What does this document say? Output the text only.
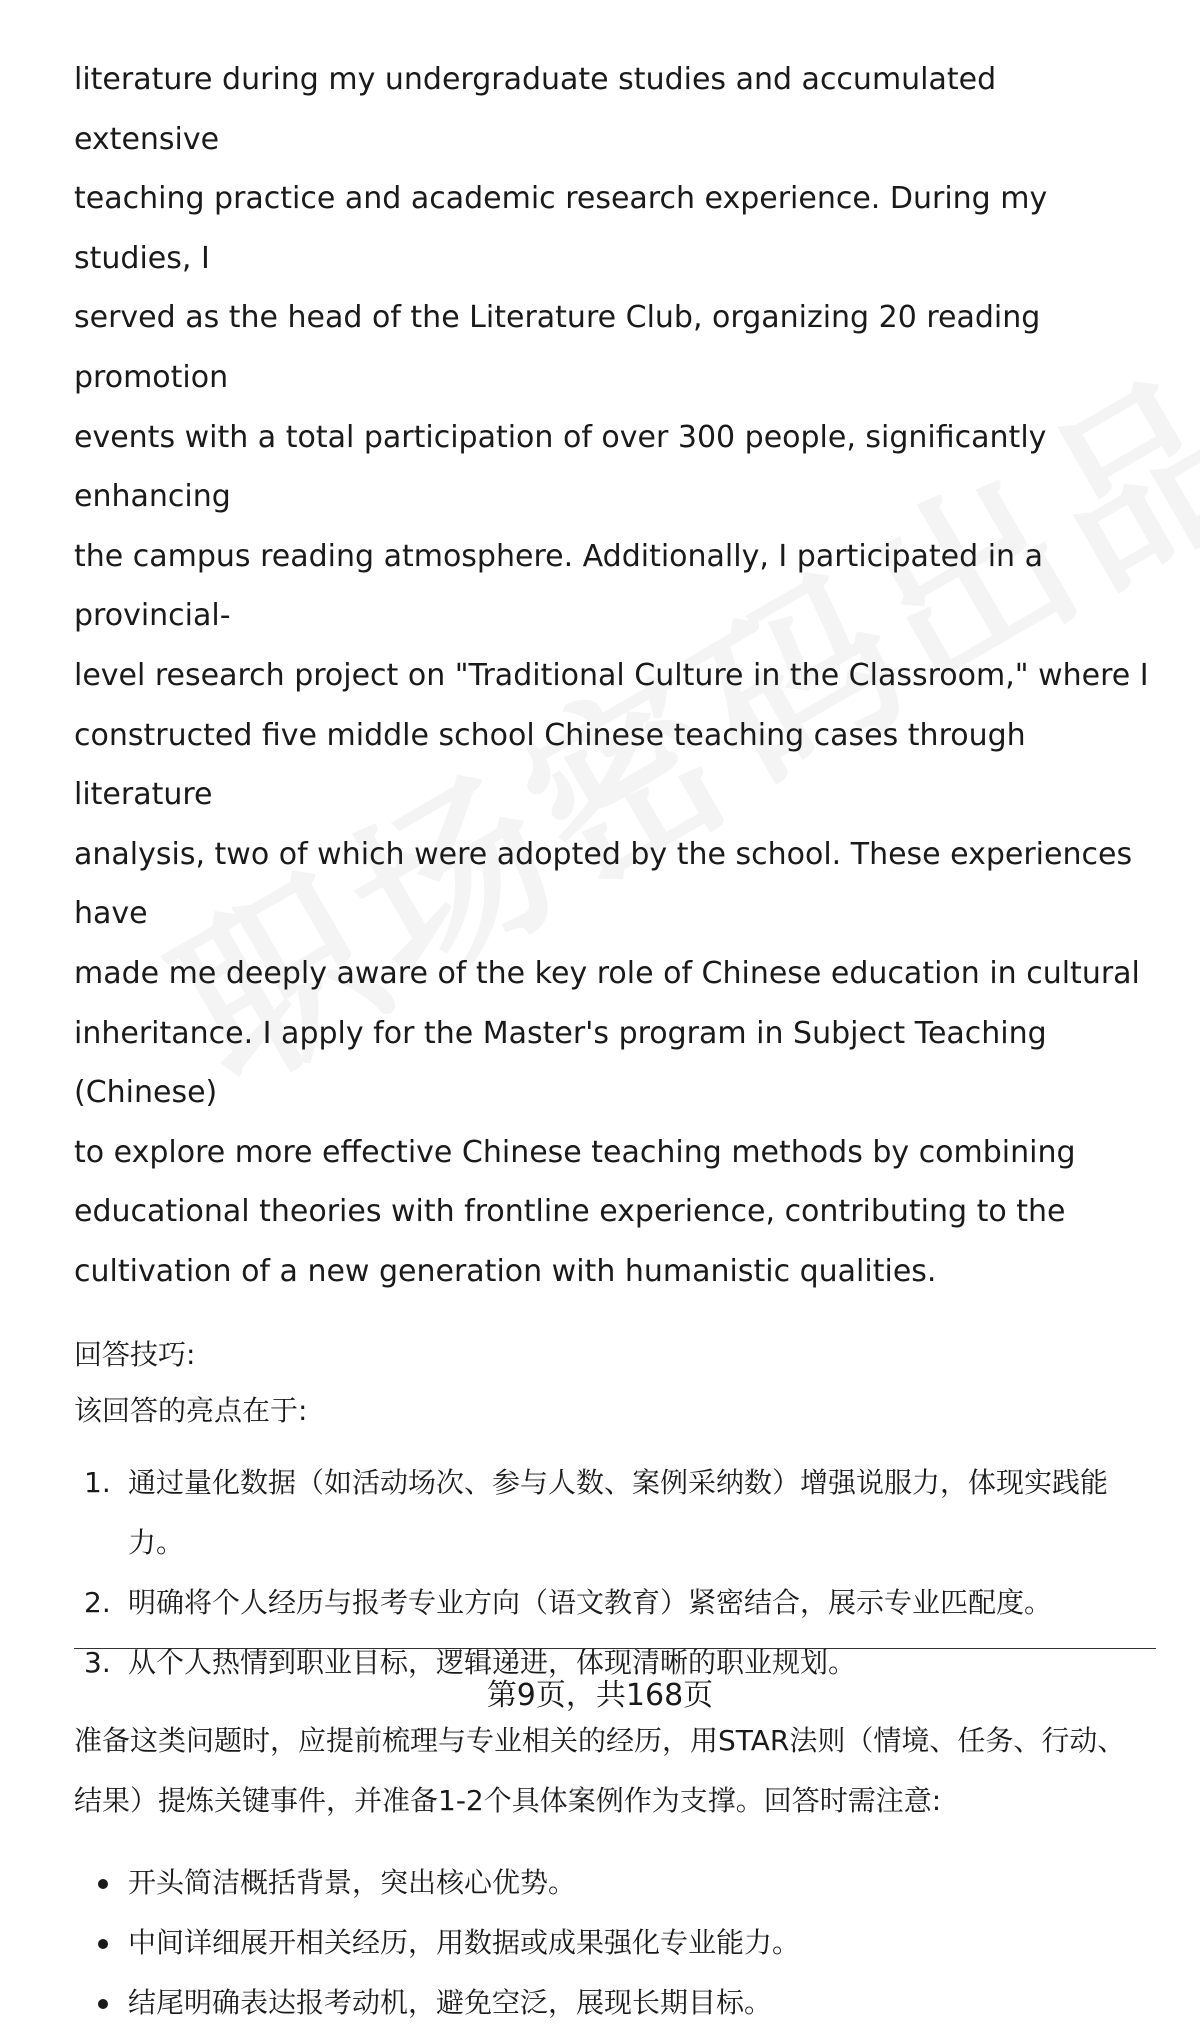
literature during my undergraduate studies and accumulated extensive
teaching practice and academic research experience. During my studies, I
served as the head of the Literature Club, organizing 20 reading promotion
events with a total participation of over 300 people, significantly enhancing
the campus reading atmosphere. Additionally, I participated in a provincial-
level research project on "Traditional Culture in the Classroom," where I
constructed five middle school Chinese teaching cases through literature
analysis, two of which were adopted by the school. These experiences have
made me deeply aware of the key role of Chinese education in cultural
inheritance. I apply for the Master's program in Subject Teaching (Chinese)
to explore more effective Chinese teaching methods by combining
educational theories with frontline experience, contributing to the
cultivation of a new generation with humanistic qualities.
回答技巧:
该回答的亮点在于:
1. 通过量化数据（如活动场次、参与人数、案例采纳数）增强说服力，体现实践能力。
2. 明确将个人经历与报考专业方向（语文教育）紧密结合，展示专业匹配度。
3. 从个人热情到职业目标，逻辑递进，体现清晰的职业规划。
准备这类问题时，应提前梳理与专业相关的经历，用STAR法则（情境、任务、行动、结果）提炼关键事件，并准备1-2个具体案例作为支撑。回答时需注意:
开头简洁概括背景，突出核心优势。
中间详细展开相关经历，用数据或成果强化专业能力。
结尾明确表达报考动机，避免空泛，展现长期目标。
第9页，共168页
